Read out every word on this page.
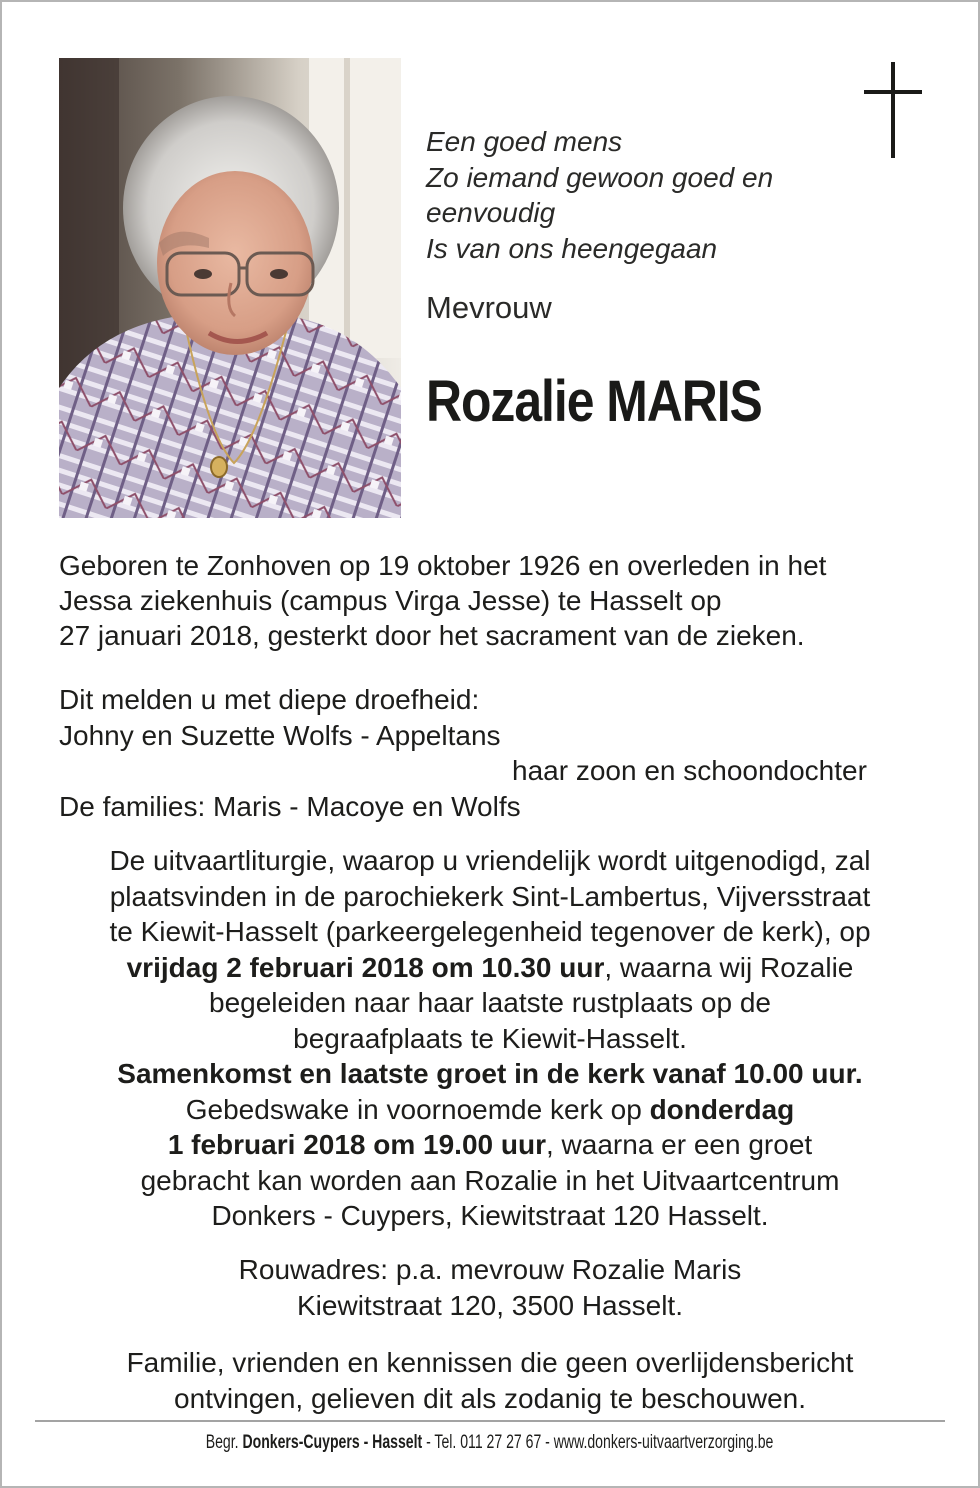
Een goed mens
Zo iemand gewoon goed en
eenvoudig
Is van ons heengegaan
Mevrouw
Rozalie MARIS
Geboren te Zonhoven op 19 oktober 1926 en overleden in het
Jessa ziekenhuis (campus Virga Jesse) te Hasselt op
27 januari 2018, gesterkt door het sacrament van de zieken.
Dit melden u met diepe droefheid:
Johny en Suzette Wolfs - Appeltans
haar zoon en schoondochter
De families: Maris - Macoye en Wolfs
De uitvaartliturgie, waarop u vriendelijk wordt uitgenodigd, zal
plaatsvinden in de parochiekerk Sint-Lambertus, Vijversstraat
te Kiewit-Hasselt (parkeergelegenheid tegenover de kerk), op
vrijdag 2 februari 2018 om 10.30 uur, waarna wij Rozalie
begeleiden naar haar laatste rustplaats op de
begraafplaats te Kiewit-Hasselt.
Samenkomst en laatste groet in de kerk vanaf 10.00 uur.
Gebedswake in voornoemde kerk op donderdag
1 februari 2018 om 19.00 uur, waarna er een groet
gebracht kan worden aan Rozalie in het Uitvaartcentrum
Donkers - Cuypers, Kiewitstraat 120 Hasselt.
Rouwadres: p.a. mevrouw Rozalie Maris
Kiewitstraat 120, 3500 Hasselt.
Familie, vrienden en kennissen die geen overlijdensbericht
ontvingen, gelieven dit als zodanig te beschouwen.
Begr. Donkers-Cuypers - Hasselt - Tel. 011 27 27 67 - www.donkers-uitvaartverzorging.be
